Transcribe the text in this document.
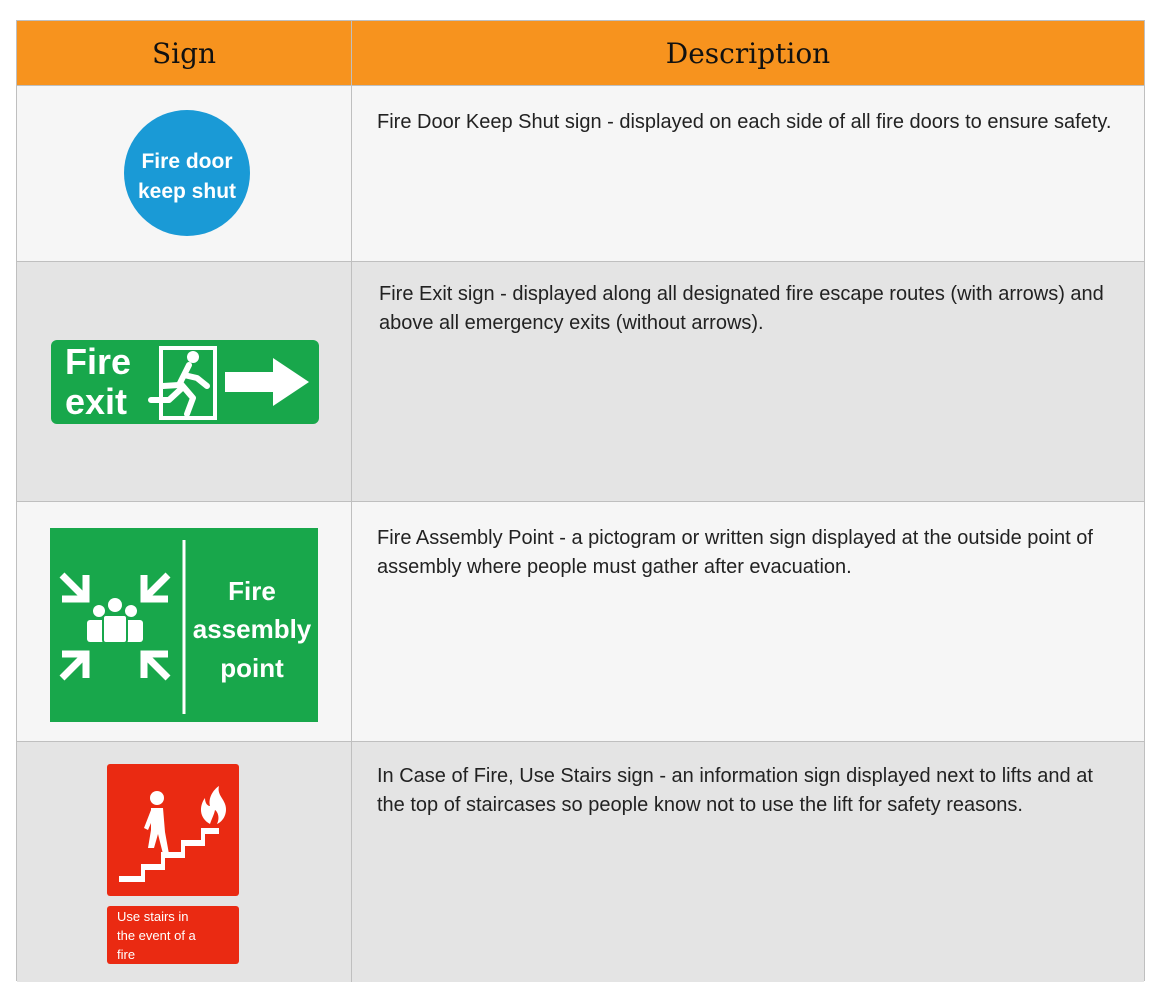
Sign	Description
Fire door
keep shut
Fire Door Keep Shut sign - displayed on each side of all fire doors to ensure safety.
Fire
exit
Fire Exit sign - displayed along all designated fire escape routes (with arrows) and above all emergency exits (without arrows).
Fire
assembly
point
Fire Assembly Point - a pictogram or written sign displayed at the outside point of assembly where people must gather after evacuation.
Use stairs in
the event of a
fire
In Case of Fire, Use Stairs sign - an information sign displayed next to lifts and at the top of staircases so people know not to use the lift for safety reasons.
